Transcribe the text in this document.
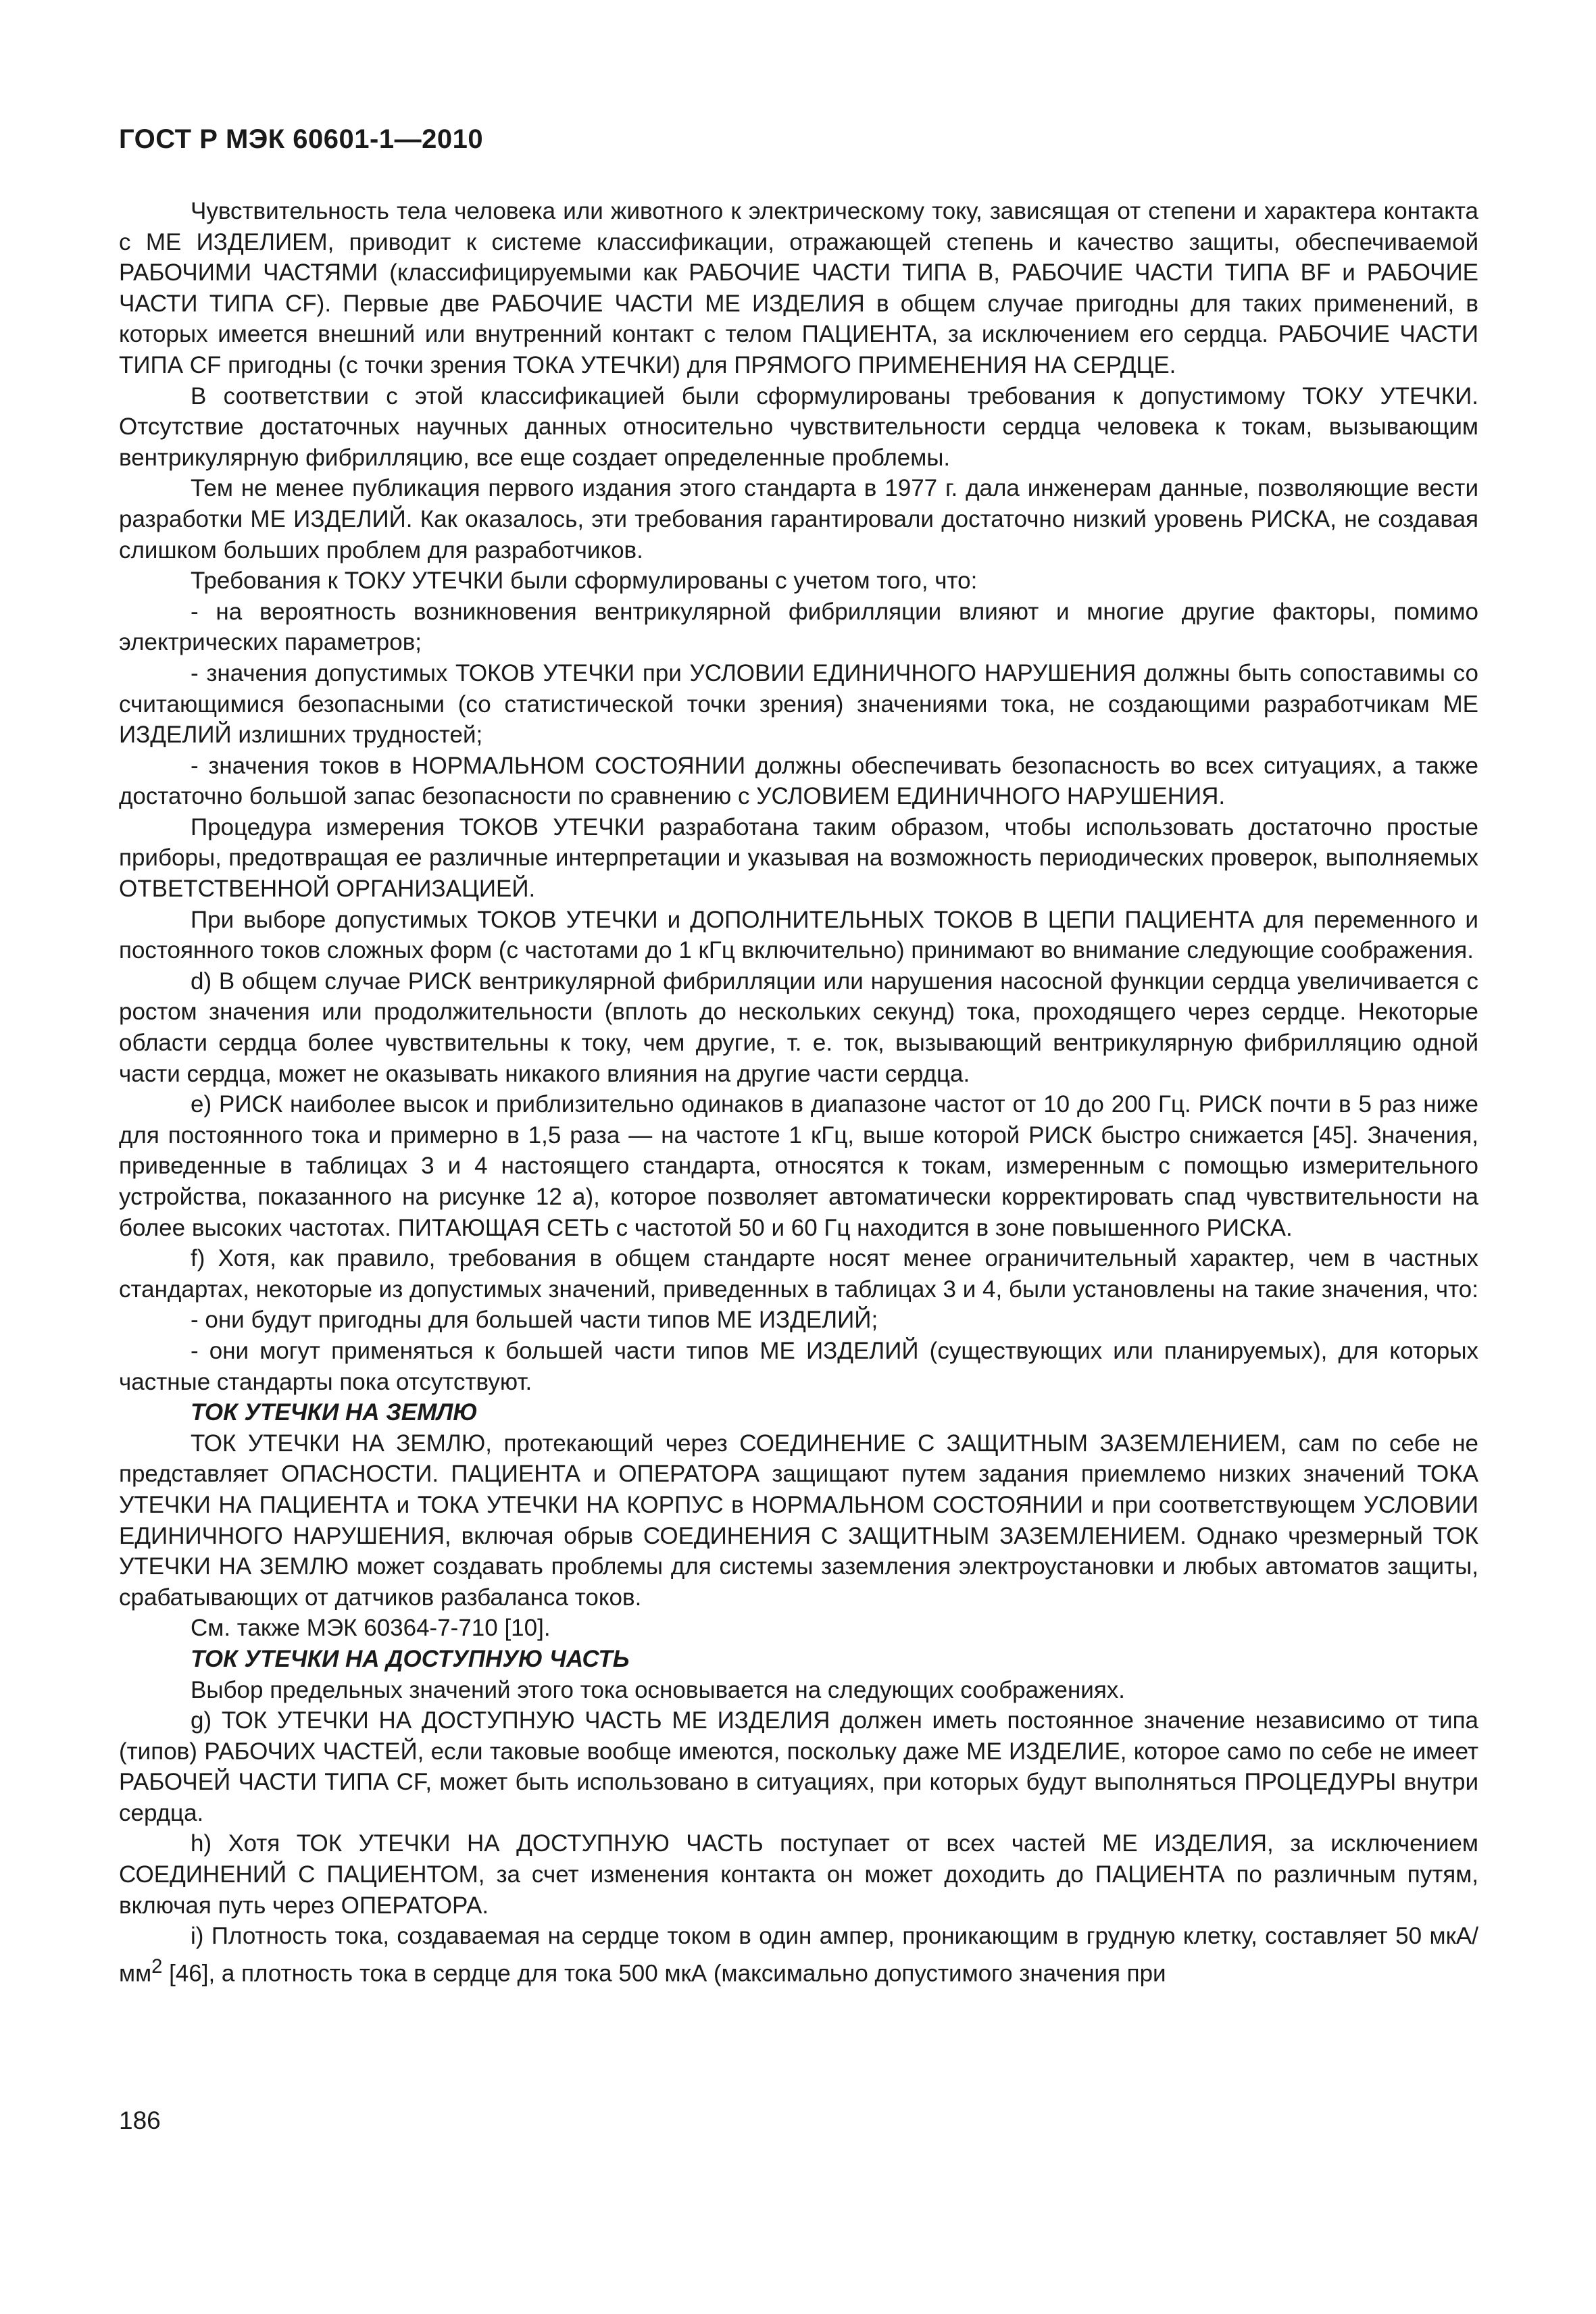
ГОСТ Р МЭК 60601-1—2010

Чувствительность тела человека или животного к электрическому току, зависящая от степени и характера контакта с МЕ ИЗДЕЛИЕМ, приводит к системе классификации, отражающей степень и качество защиты, обеспечиваемой РАБОЧИМИ ЧАСТЯМИ (классифицируемыми как РАБОЧИЕ ЧАСТИ ТИПА В, РАБОЧИЕ ЧАСТИ ТИПА BF и РАБОЧИЕ ЧАСТИ ТИПА CF). Первые две РАБОЧИЕ ЧАСТИ МЕ ИЗДЕЛИЯ в общем случае пригодны для таких применений, в которых имеется внешний или внутренний контакт с телом ПАЦИЕНТА, за исключением его сердца. РАБОЧИЕ ЧАСТИ ТИПА CF пригодны (с точки зрения ТОКА УТЕЧКИ) для ПРЯМОГО ПРИМЕНЕНИЯ НА СЕРДЦЕ.

В соответствии с этой классификацией были сформулированы требования к допустимому ТОКУ УТЕЧКИ. Отсутствие достаточных научных данных относительно чувствительности сердца человека к токам, вызывающим вентрикулярную фибрилляцию, все еще создает определенные проблемы.

Тем не менее публикация первого издания этого стандарта в 1977 г. дала инженерам данные, позволяющие вести разработки МЕ ИЗДЕЛИЙ. Как оказалось, эти требования гарантировали достаточно низкий уровень РИСКА, не создавая слишком больших проблем для разработчиков.

Требования к ТОКУ УТЕЧКИ были сформулированы с учетом того, что:

- на вероятность возникновения вентрикулярной фибрилляции влияют и многие другие факторы, помимо электрических параметров;

- значения допустимых ТОКОВ УТЕЧКИ при УСЛОВИИ ЕДИНИЧНОГО НАРУШЕНИЯ должны быть сопоставимы со считающимися безопасными (со статистической точки зрения) значениями тока, не создающими разработчикам МЕ ИЗДЕЛИЙ излишних трудностей;

- значения токов в НОРМАЛЬНОМ СОСТОЯНИИ должны обеспечивать безопасность во всех ситуациях, а также достаточно большой запас безопасности по сравнению с УСЛОВИЕМ ЕДИНИЧНОГО НАРУШЕНИЯ.

Процедура измерения ТОКОВ УТЕЧКИ разработана таким образом, чтобы использовать достаточно простые приборы, предотвращая ее различные интерпретации и указывая на возможность периодических проверок, выполняемых ОТВЕТСТВЕННОЙ ОРГАНИЗАЦИЕЙ.

При выборе допустимых ТОКОВ УТЕЧКИ и ДОПОЛНИТЕЛЬНЫХ ТОКОВ В ЦЕПИ ПАЦИЕНТА для переменного и постоянного токов сложных форм (с частотами до 1 кГц включительно) принимают во внимание следующие соображения.

d) В общем случае РИСК вентрикулярной фибрилляции или нарушения насосной функции сердца увеличивается с ростом значения или продолжительности (вплоть до нескольких секунд) тока, проходящего через сердце. Некоторые области сердца более чувствительны к току, чем другие, т. е. ток, вызывающий вентрикулярную фибрилляцию одной части сердца, может не оказывать никакого влияния на другие части сердца.

e) РИСК наиболее высок и приблизительно одинаков в диапазоне частот от 10 до 200 Гц. РИСК почти в 5 раз ниже для постоянного тока и примерно в 1,5 раза — на частоте 1 кГц, выше которой РИСК быстро снижается [45]. Значения, приведенные в таблицах 3 и 4 настоящего стандарта, относятся к токам, измеренным с помощью измерительного устройства, показанного на рисунке 12 a), которое позволяет автоматически корректировать спад чувствительности на более высоких частотах. ПИТАЮЩАЯ СЕТЬ с частотой 50 и 60 Гц находится в зоне повышенного РИСКА.

f) Хотя, как правило, требования в общем стандарте носят менее ограничительный характер, чем в частных стандартах, некоторые из допустимых значений, приведенных в таблицах 3 и 4, были установлены на такие значения, что:

- они будут пригодны для большей части типов МЕ ИЗДЕЛИЙ;

- они могут применяться к большей части типов МЕ ИЗДЕЛИЙ (существующих или планируемых), для которых частные стандарты пока отсутствуют.

ТОК УТЕЧКИ НА ЗЕМЛЮ

ТОК УТЕЧКИ НА ЗЕМЛЮ, протекающий через СОЕДИНЕНИЕ С ЗАЩИТНЫМ ЗАЗЕМЛЕНИЕМ, сам по себе не представляет ОПАСНОСТИ. ПАЦИЕНТА и ОПЕРАТОРА защищают путем задания приемлемо низких значений ТОКА УТЕЧКИ НА ПАЦИЕНТА и ТОКА УТЕЧКИ НА КОРПУС в НОРМАЛЬНОМ СОСТОЯНИИ и при соответствующем УСЛОВИИ ЕДИНИЧНОГО НАРУШЕНИЯ, включая обрыв СОЕДИНЕНИЯ С ЗАЩИТНЫМ ЗАЗЕМЛЕНИЕМ. Однако чрезмерный ТОК УТЕЧКИ НА ЗЕМЛЮ может создавать проблемы для системы заземления электроустановки и любых автоматов защиты, срабатывающих от датчиков разбаланса токов.

См. также МЭК 60364-7-710 [10].

ТОК УТЕЧКИ НА ДОСТУПНУЮ ЧАСТЬ

Выбор предельных значений этого тока основывается на следующих соображениях.

g) ТОК УТЕЧКИ НА ДОСТУПНУЮ ЧАСТЬ МЕ ИЗДЕЛИЯ должен иметь постоянное значение независимо от типа (типов) РАБОЧИХ ЧАСТЕЙ, если таковые вообще имеются, поскольку даже МЕ ИЗДЕЛИЕ, которое само по себе не имеет РАБОЧЕЙ ЧАСТИ ТИПА CF, может быть использовано в ситуациях, при которых будут выполняться ПРОЦЕДУРЫ внутри сердца.

h) Хотя ТОК УТЕЧКИ НА ДОСТУПНУЮ ЧАСТЬ поступает от всех частей МЕ ИЗДЕЛИЯ, за исключением СОЕДИНЕНИЙ С ПАЦИЕНТОМ, за счет изменения контакта он может доходить до ПАЦИЕНТА по различным путям, включая путь через ОПЕРАТОРА.

i) Плотность тока, создаваемая на сердце током в один ампер, проникающим в грудную клетку, составляет 50 мкА/$мм^2$ [46], а плотность тока в сердце для тока 500 мкА (максимально допустимого значения при

186
